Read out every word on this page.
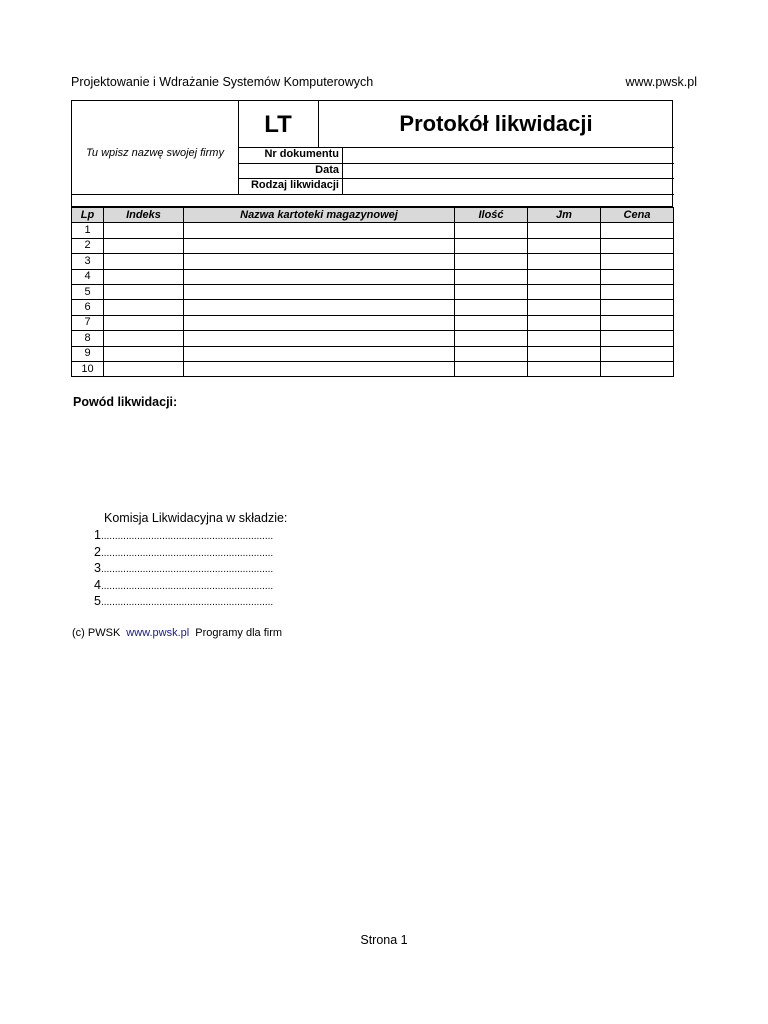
Projektowanie i Wdrażanie Systemów Komputerowych	www.pwsk.pl
Tu wpisz nazwę swojej firmy
LT	Protokół likwidacji
Nr dokumentu
Data
Rodzaj likwidacji
Lp	Indeks	Nazwa kartoteki magazynowej	Ilość	Jm	Cena
1					
2					
3					
4					
5					
6					
7					
8					
9					
10					
Powód likwidacji:
Komisja Likwidacyjna w składzie:
1..............................................................
2..............................................................
3..............................................................
4..............................................................
5..............................................................
(c) PWSK www.pwsk.pl Programy dla firm
Strona 1
